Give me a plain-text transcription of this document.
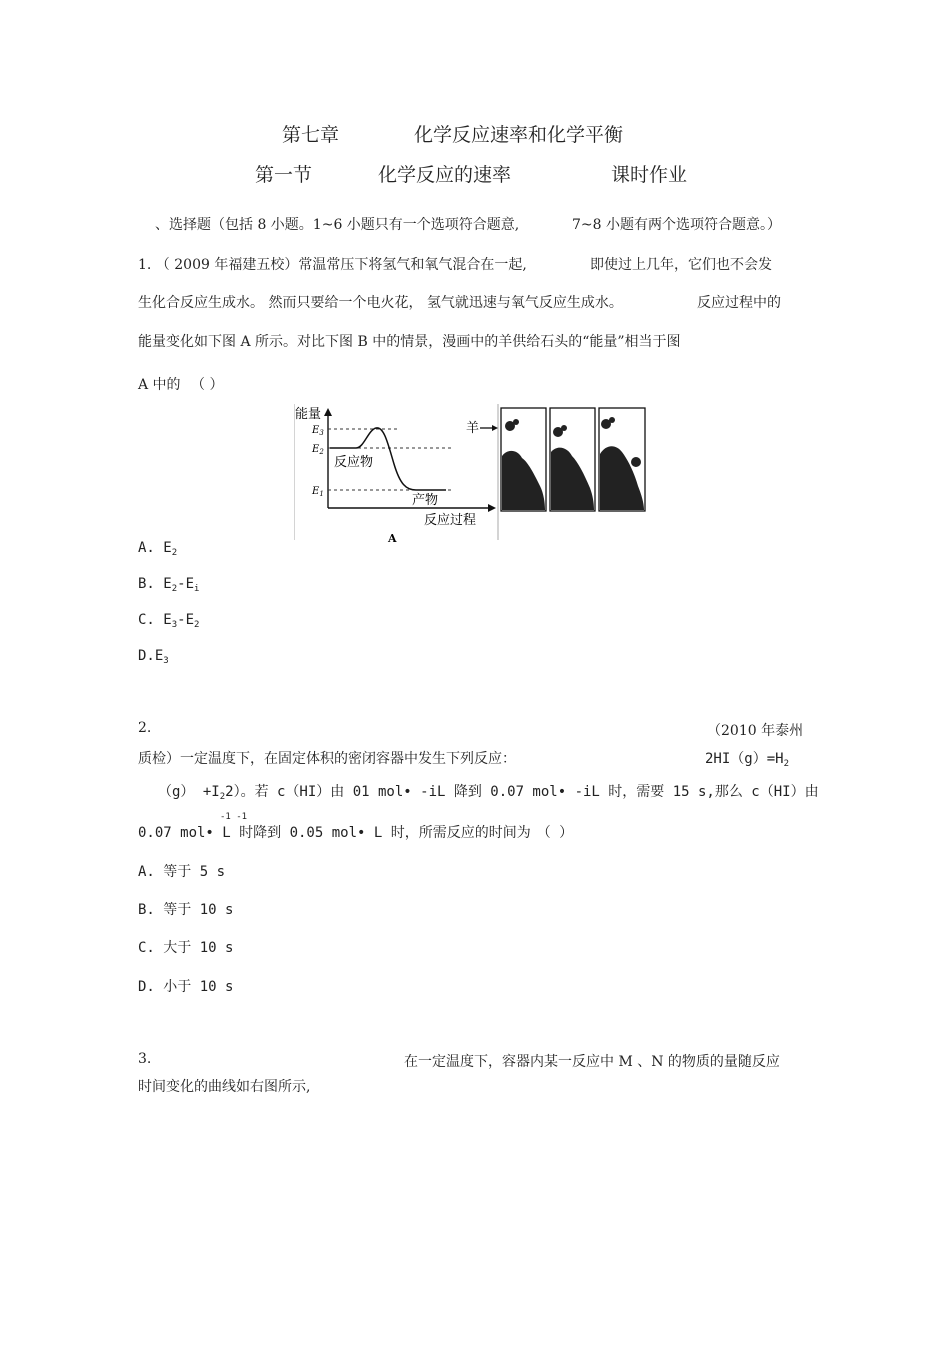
第七章	化学反应速率和化学平衡
第一节	化学反应的速率	课时作业
、选择题（包括 8 小题。1~6 小题只有一个选项符合题意,	7~8 小题有两个选项符合题意。）
1. （ 2009 年福建五校）常温常压下将氢气和氧气混合在一起,	即使过上几年，它们也不会发
生化合反应生成水。 然而只要给一个电火花， 氢气就迅速与氧气反应生成水。	反应过程中的
能量变化如下图 A 所示。对比下图 B 中的情景，漫画中的羊供给石头的“能量”相当于图
A 中的 （ ）
能量
$E_3$
$E_2$
$E_1$
反应物
产物
反应过程
A
羊
A. $E_2$
B. $E_2-E_i$
C. $E_3-E_2$
$D.E_3$
2.	（2010 年泰州
质检）一定温度下，在固定体积的密闭容器中发生下列反应：	$2HI(g)=H_2$
$(g) +I_22$）。若 c（HI）由 01 mol• -iL 降到 0.07 mol• -iL 时，需要 15 s,那么 c（HI）由
-1 -1
0.07 mol• L 时降到 0.05 mol• L 时，所需反应的时间为 （ ）
A. 等于 5 s
B. 等于 10 s
C. 大于 10 s
D. 小于 10 s
3.	在一定温度下，容器内某一反应中 M 、N 的物质的量随反应
时间变化的曲线如右图所示,
